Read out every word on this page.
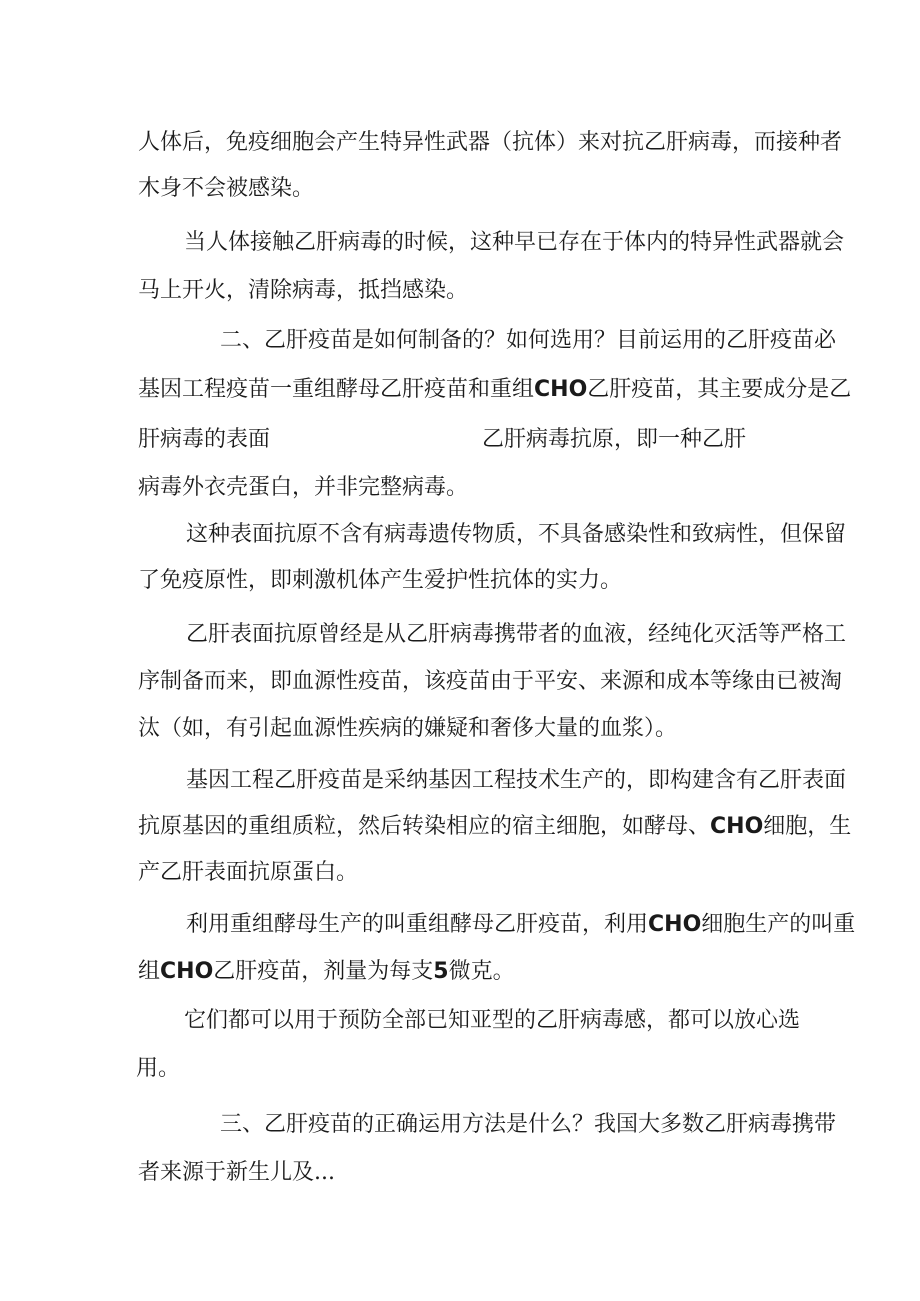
人体后，免疫细胞会产生特异性武器（抗体）来对抗乙肝病毒，而接种者
木身不会被感染。
当人体接触乙肝病毒的时候，这种早已存在于体内的特异性武器就会
马上开火，清除病毒，抵挡感染。
二、乙肝疫苗是如何制备的？如何选用？目前运用的乙肝疫苗必
基因工程疫苗一重组酵母乙肝疫苗和重组CHO乙肝疫苗，其主要成分是乙
肝病毒的表面	乙肝病毒抗原，即一种乙肝
病毒外衣壳蛋白，并非完整病毒。
这种表面抗原不含有病毒遗传物质，不具备感染性和致病性，但保留
了免疫原性，即刺激机体产生爱护性抗体的实力。
乙肝表面抗原曾经是从乙肝病毒携带者的血液，经纯化灭活等严格工
序制备而来，即血源性疫苗，该疫苗由于平安、来源和成本等缘由已被淘
汰（如，有引起血源性疾病的嫌疑和奢侈大量的血浆）。
基因工程乙肝疫苗是采纳基因工程技术生产的，即构建含有乙肝表面
抗原基因的重组质粒，然后转染相应的宿主细胞，如酵母、CHO细胞，生
产乙肝表面抗原蛋白。
利用重组酵母生产的叫重组酵母乙肝疫苗，利用CHO细胞生产的叫重
组CHO乙肝疫苗，剂量为每支5微克。
它们都可以用于预防全部已知亚型的乙肝病毒感，都可以放心选
用。
三、乙肝疫苗的正确运用方法是什么？我国大多数乙肝病毒携带
者来源于新生儿及...
